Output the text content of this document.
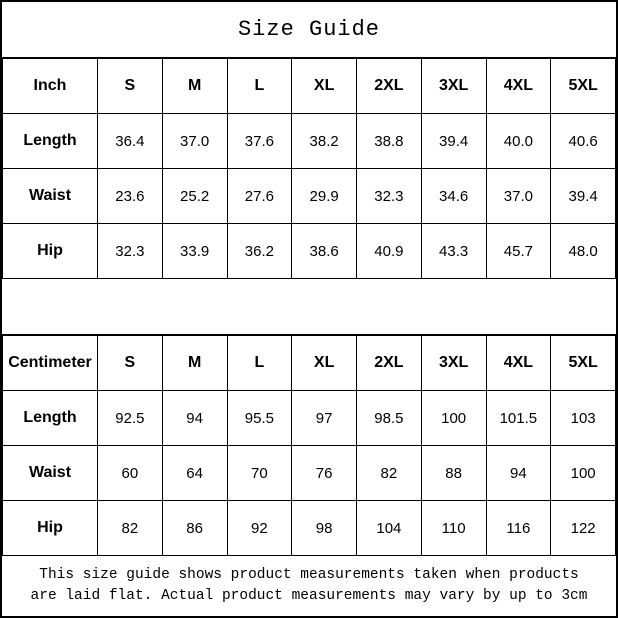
Size Guide
Inch	S	M	L	XL	2XL	3XL	4XL	5XL
Length	36.4	37.0	37.6	38.2	38.8	39.4	40.0	40.6
Waist	23.6	25.2	27.6	29.9	32.3	34.6	37.0	39.4
Hip	32.3	33.9	36.2	38.6	40.9	43.3	45.7	48.0
Centimeter	S	M	L	XL	2XL	3XL	4XL	5XL
Length	92.5	94	95.5	97	98.5	100	101.5	103
Waist	60	64	70	76	82	88	94	100
Hip	82	86	92	98	104	110	116	122
This size guide shows product measurements taken when products
are laid flat. Actual product measurements may vary by up to 3cm
